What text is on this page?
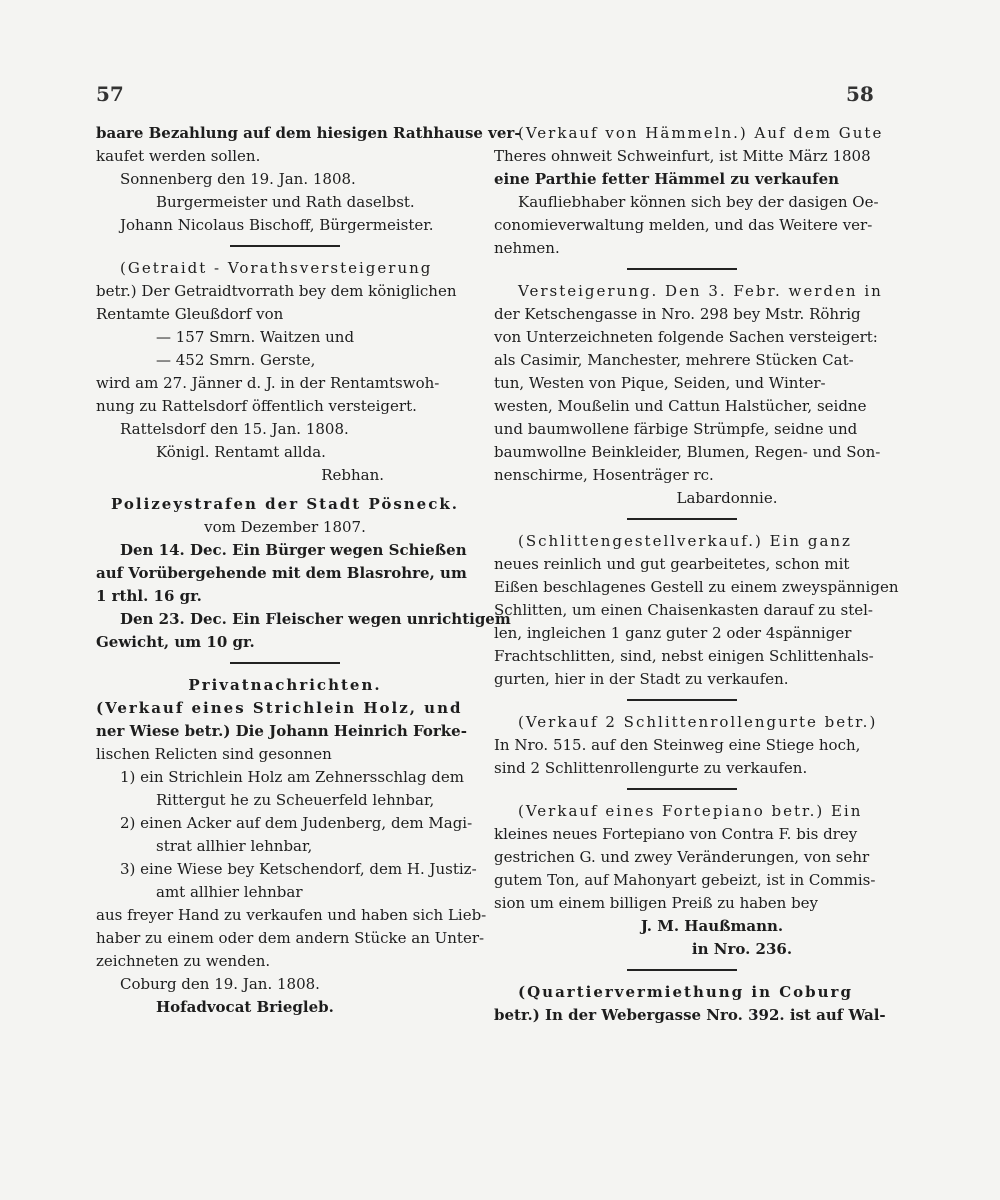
57	58
baare Bezahlung auf dem hiesigen Rathhause ver-
kaufet werden sollen.
Sonnenberg den 19. Jan. 1808.
Burgermeister und Rath daselbst.
Johann Nicolaus Bischoff, Bürgermeister.
(Getraidt - Vorathsversteigerung
betr.) Der Getraidtvorrath bey dem königlichen
Rentamte Gleußdorf von
— 157 Smrn. Waitzen und
— 452 Smrn. Gerste,
wird am 27. Jänner d. J. in der Rentamtswoh-
nung zu Rattelsdorf öffentlich versteigert.
Rattelsdorf den 15. Jan. 1808.
Königl. Rentamt allda.
Rebhan.
Polizeystrafen der Stadt Pösneck.
vom Dezember 1807.
Den 14. Dec. Ein Bürger wegen Schießen
auf Vorübergehende mit dem Blasrohre, um
1 rthl. 16 gr.
Den 23. Dec. Ein Fleischer wegen unrichtigem
Gewicht, um 10 gr.
Privatnachrichten.
(Verkauf eines Strichlein Holz, und
ner Wiese betr.) Die Johann Heinrich Forke-
lischen Relicten sind gesonnen
1) ein Strichlein Holz am Zehnersschlag dem
Rittergut he zu Scheuerfeld lehnbar,
2) einen Acker auf dem Judenberg, dem Magi-
strat allhier lehnbar,
3) eine Wiese bey Ketschendorf, dem H. Justiz-
amt allhier lehnbar
aus freyer Hand zu verkaufen und haben sich Lieb-
haber zu einem oder dem andern Stücke an Unter-
zeichneten zu wenden.
Coburg den 19. Jan. 1808.
Hofadvocat Brieglеb.
(Verkauf von Hämmeln.) Auf dem Gute
Theres ohnweit Schweinfurt, ist Mitte März 1808
eine Parthie fetter Hämmel zu verkaufen
Kaufliebhaber können sich bey der dasigen Oe-
conomieverwaltung melden, und das Weitere ver-
nehmen.
Versteigerung. Den 3. Febr. werden in
der Ketschengasse in Nro. 298 bey Mstr. Röhrig
von Unterzeichneten folgende Sachen versteigert:
als Casimir, Manchester, mehrere Stücken Cat-
tun, Westen von Pique, Seiden, und Winter-
westen, Moußelin und Cattun Halstücher, seidne
und baumwollene färbige Strümpfe, seidne und
baumwollne Beinkleider, Blumen, Regen- und Son-
nenschirme, Hosenträger rc.
Labardonnie.
(Schlittengestellverkauf.) Ein ganz
neues reinlich und gut gearbeitetes, schon mit
Eißen beschlagenes Gestell zu einem zweyspännigen
Schlitten, um einen Chaisenkasten darauf zu stel-
len, ingleichen 1 ganz guter 2 oder 4spänniger
Frachtschlitten, sind, nebst einigen Schlittenhals-
gurten, hier in der Stadt zu verkaufen.
(Verkauf 2 Schlittenrollengurte betr.)
In Nro. 515. auf den Steinweg eine Stiege hoch,
sind 2 Schlittenrollengurte zu verkaufen.
(Verkauf eines Fortepiano betr.) Ein
kleines neues Fortepiano von Contra F. bis drey
gestrichen G. und zwey Veränderungen, von sehr
gutem Ton, auf Mahonyart gebeizt, ist in Commis-
sion um einem billigen Preiß zu haben bey
J. M. Haußmann.
in Nro. 236.
(Quartiervermiethung in Coburg
betr.) In der Webergasse Nro. 392. ist auf Wal-
